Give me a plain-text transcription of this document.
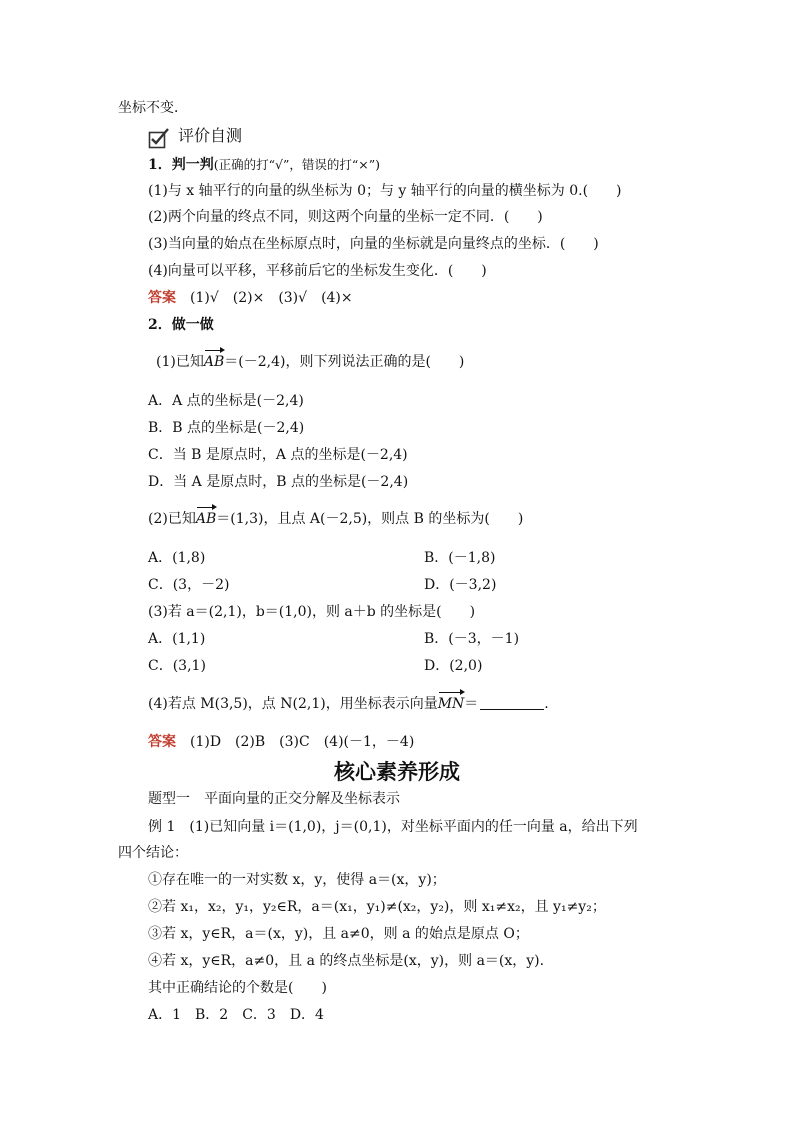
坐标不变．
评价自测
1．判一判(正确的打“√”，错误的打“×”)
(1)与 x 轴平行的向量的纵坐标为 0；与 y 轴平行的向量的横坐标为 0.(　　)
(2)两个向量的终点不同，则这两个向量的坐标一定不同．(　　)
(3)当向量的始点在坐标原点时，向量的坐标就是向量终点的坐标．(　　)
(4)向量可以平移，平移前后它的坐标发生变化．(　　)
答案　 (1)√　(2)×　(3)√　(4)×
2．做一做
(1)已知AB＝(－2,4)，则下列说法正确的是(　　)
A．A 点的坐标是(－2,4)
B．B 点的坐标是(－2,4)
C．当 B 是原点时，A 点的坐标是(－2,4)
D．当 A 是原点时，B 点的坐标是(－2,4)
(2)已知AB＝(1,3)，且点 A(－2,5)，则点 B 的坐标为(　　)
A．(1,8)	B．(－1,8)
C．(3，－2)	D．(－3,2)
(3)若 a＝(2,1)，b＝(1,0)，则 a＋b 的坐标是(　　)
A．(1,1)	B．(－3，－1)
C．(3,1)	D．(2,0)
(4)若点 M(3,5)，点 N(2,1)，用坐标表示向量MN＝	.
答案　 (1)D　(2)B　(3)C　(4)(－1，－4)
核心素养形成
题型一　平面向量的正交分解及坐标表示
例 1　(1)已知向量 i＝(1,0)，j＝(0,1)，对坐标平面内的任一向量 a，给出下列
四个结论：
①存在唯一的一对实数 x，y，使得 a＝(x，y)；
②若 x₁，x₂，y₁，y₂∈R，a＝(x₁，y₁)≠(x₂，y₂)，则 x₁≠x₂，且 y₁≠y₂；
③若 x，y∈R，a＝(x，y)，且 a≠0，则 a 的始点是原点 O；
④若 x，y∈R，a≠0，且 a 的终点坐标是(x，y)，则 a＝(x，y).
其中正确结论的个数是(　　)
A．1　B．2　C．3　D．4
